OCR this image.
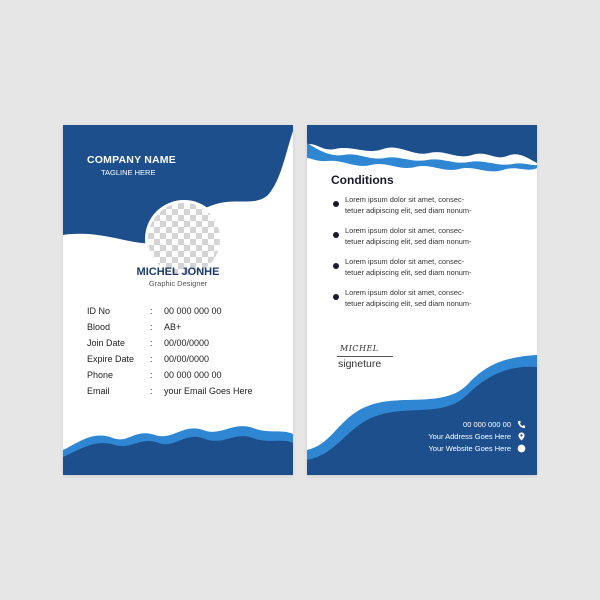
COMPANY NAME
TAGLINE HERE
MICHEL JONHE
Graphic Designer
ID No	: 00 000 000 00
Blood	: AB+
Join Date	: 00/00/0000
Expire Date : 00/00/0000
Phone	: 00 000 000 00
Email	: your Email Goes Here
Conditions
Lorem ipsum dolor sit amet, consec-
tetuer adipiscing elit, sed diam nonum-
Lorem ipsum dolor sit amet, consec-
tetuer adipiscing elit, sed diam nonum-
Lorem ipsum dolor sit amet, consec-
tetuer adipiscing elit, sed diam nonum-
Lorem ipsum dolor sit amet, consec-
tetuer adipiscing elit, sed diam nonum-
MICHEL
signeture
00 000 000 00
Your Address Goes Here
Your Website Goes Here
